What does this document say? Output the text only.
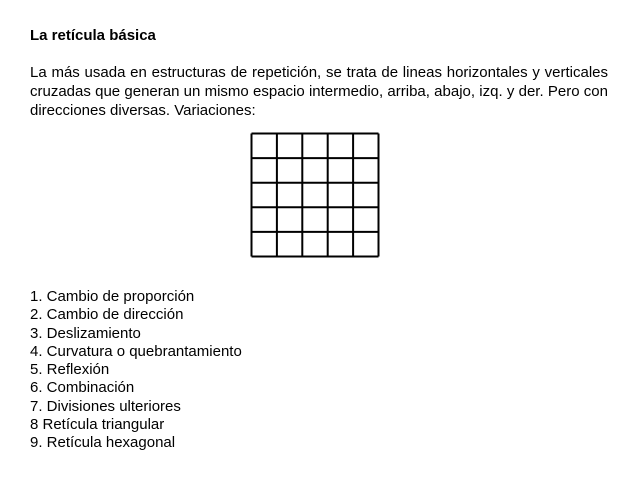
La retícula básica

La más usada en estructuras de repetición, se trata de lineas horizontales y verticales cruzadas que generan un mismo espacio intermedio, arriba, abajo, izq. y der. Pero con direcciones diversas. Variaciones:

1. Cambio de proporción
2. Cambio de dirección
3. Deslizamiento
4. Curvatura o quebrantamiento
5. Reflexión
6. Combinación
7. Divisiones ulteriores
8 Retícula triangular
9. Retícula hexagonal
